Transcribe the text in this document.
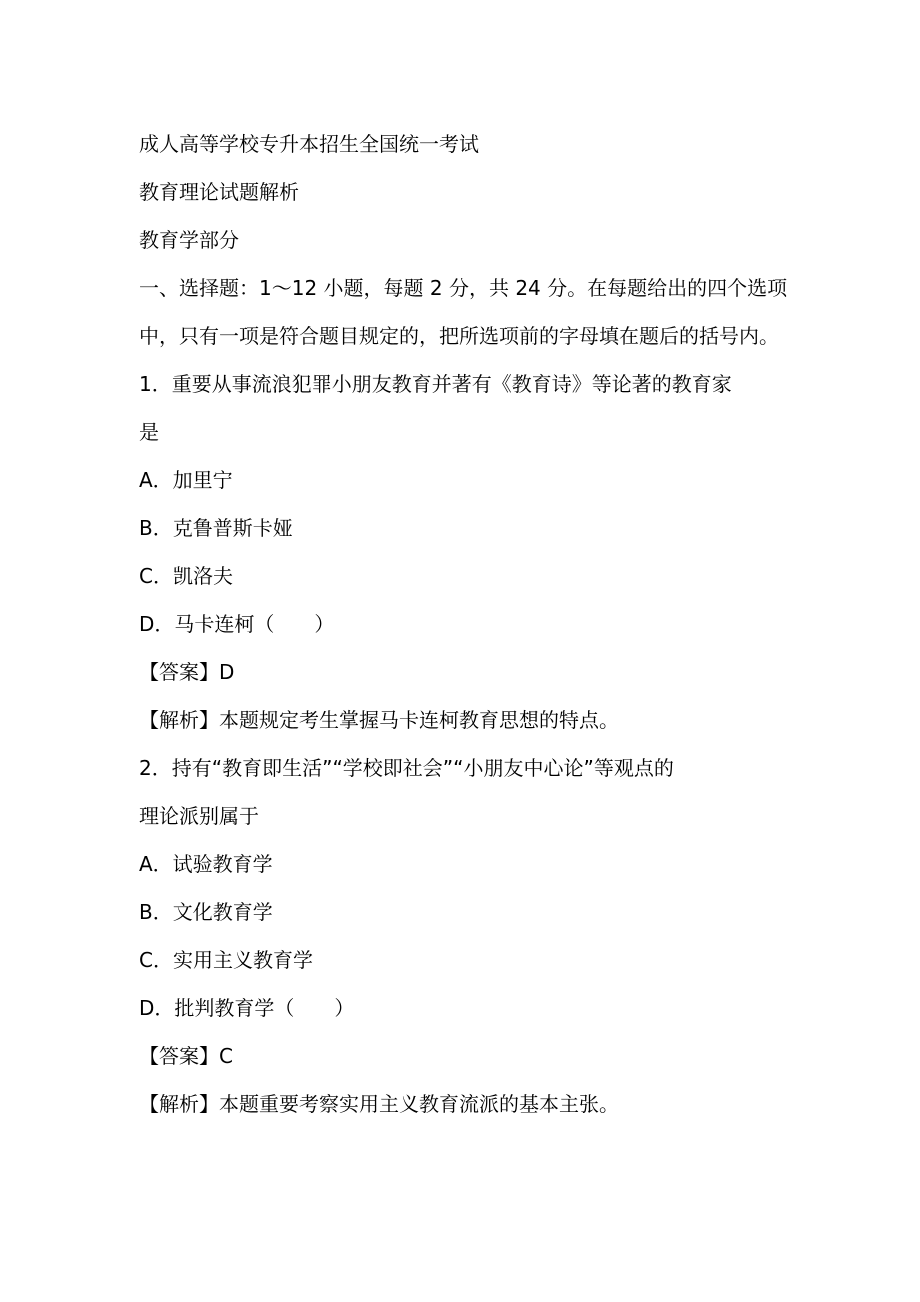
成人高等学校专升本招生全国统一考试
教育理论试题解析
教育学部分
一、选择题：1～12 小题，每题 2 分，共 24 分。在每题给出的四个选项中，只有一项是符合题目规定的，把所选项前的字母填在题后的括号内。
1．重要从事流浪犯罪小朋友教育并著有《教育诗》等论著的教育家
是
A．加里宁
B．克鲁普斯卡娅
C．凯洛夫
D．马卡连柯（　　）
【答案】D
【解析】本题规定考生掌握马卡连柯教育思想的特点。
2．持有“教育即生活”“学校即社会”“小朋友中心论”等观点的
理论派别属于
A．试验教育学
B．文化教育学
C．实用主义教育学
D．批判教育学（　　）
【答案】C
【解析】本题重要考察实用主义教育流派的基本主张。
